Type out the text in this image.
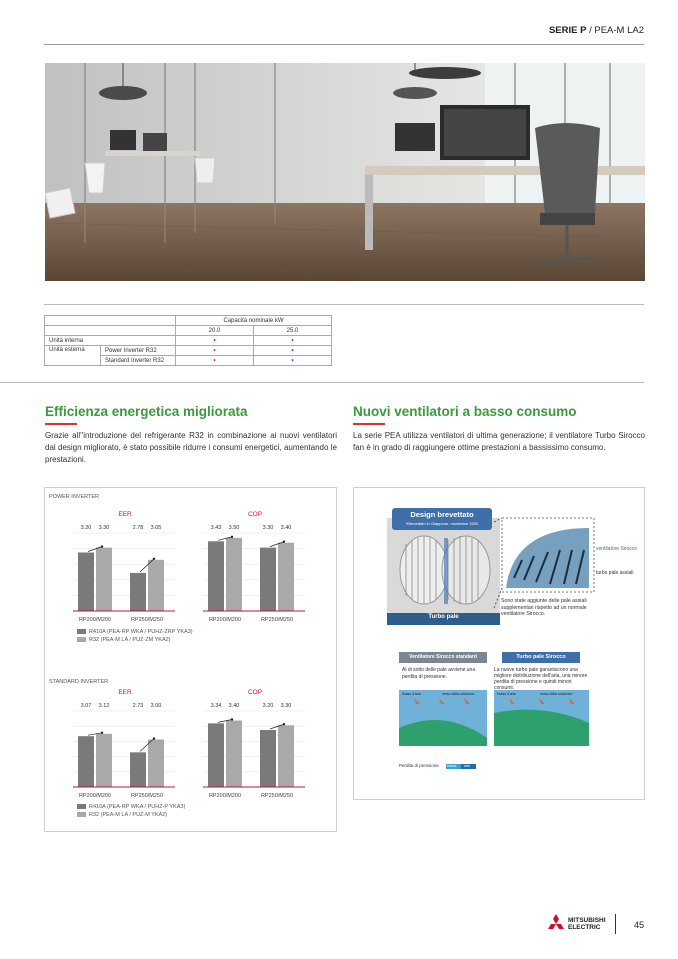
SERIE P / PEA-M LA2
		Capacità nominale kW	
		20.0	25.0
Unità interna		•	•
Unità esterna	Power Inverter R32	•	•
	Standard Inverter R32	•	•
Efficienza energetica migliorata
Grazie all''introduzione del refrigerante R32 in combinazione ai nuovi ventilatori dal design migliorato, è stato possibile ridurre i consumi energetici, aumentando le prestazioni.
Nuovi ventilatori a basso consumo
La serie PEA utilizza ventilatori di ultima generazione; il ventilatore Turbo Sirocco fan è in grado di raggiungere ottime prestazioni a bassissimo consumo.
POWER INVERTER
STANDARD INVERTER
EER
3.20 3.30
RP200/M200
2.78 3.05
RP250/M250
COP
3.43 3.50
RP200/M200
3.30 3.40
RP250/M250
EER
3.07 3.12
RP200/M200
2.73 3.00
RP250/M250
COP
3.34 3.40
RP200/M200
3.20 3.30
RP250/M250
R410A (PEA-RP WKA / PUHZ-ZRP YKA3)
R32 (PEA-M LA / PUZ-ZM YKA2)
R410A (PEA-RP WKA / PUHZ-P YKA3)
R32 (PEA-M LA / PUZ-M YKA2)
Design brevettato
*Brevettato in Giappone, novembre 2020
Turbo pale
ventilatore Sirocco
turbo pale assiali
Sono state aggiunte delle pale assiali supplementari rispetto ad un normale ventilatore Sirocco.
Ventilatore Sirocco standard	Turbo pale Sirocco
Al di sotto delle pale avviene una perdita di pressione.
La nuove turbo pale garantiscono una migliore distribuzione dell'aria, una minore perdita di pressione e quindi minori consumi.
flusso d'aria	verso della rotazione	flusso d'aria	verso della rotazione
Perdita di pressione bassa alta
MITSUBISHI
ELECTRIC	45
